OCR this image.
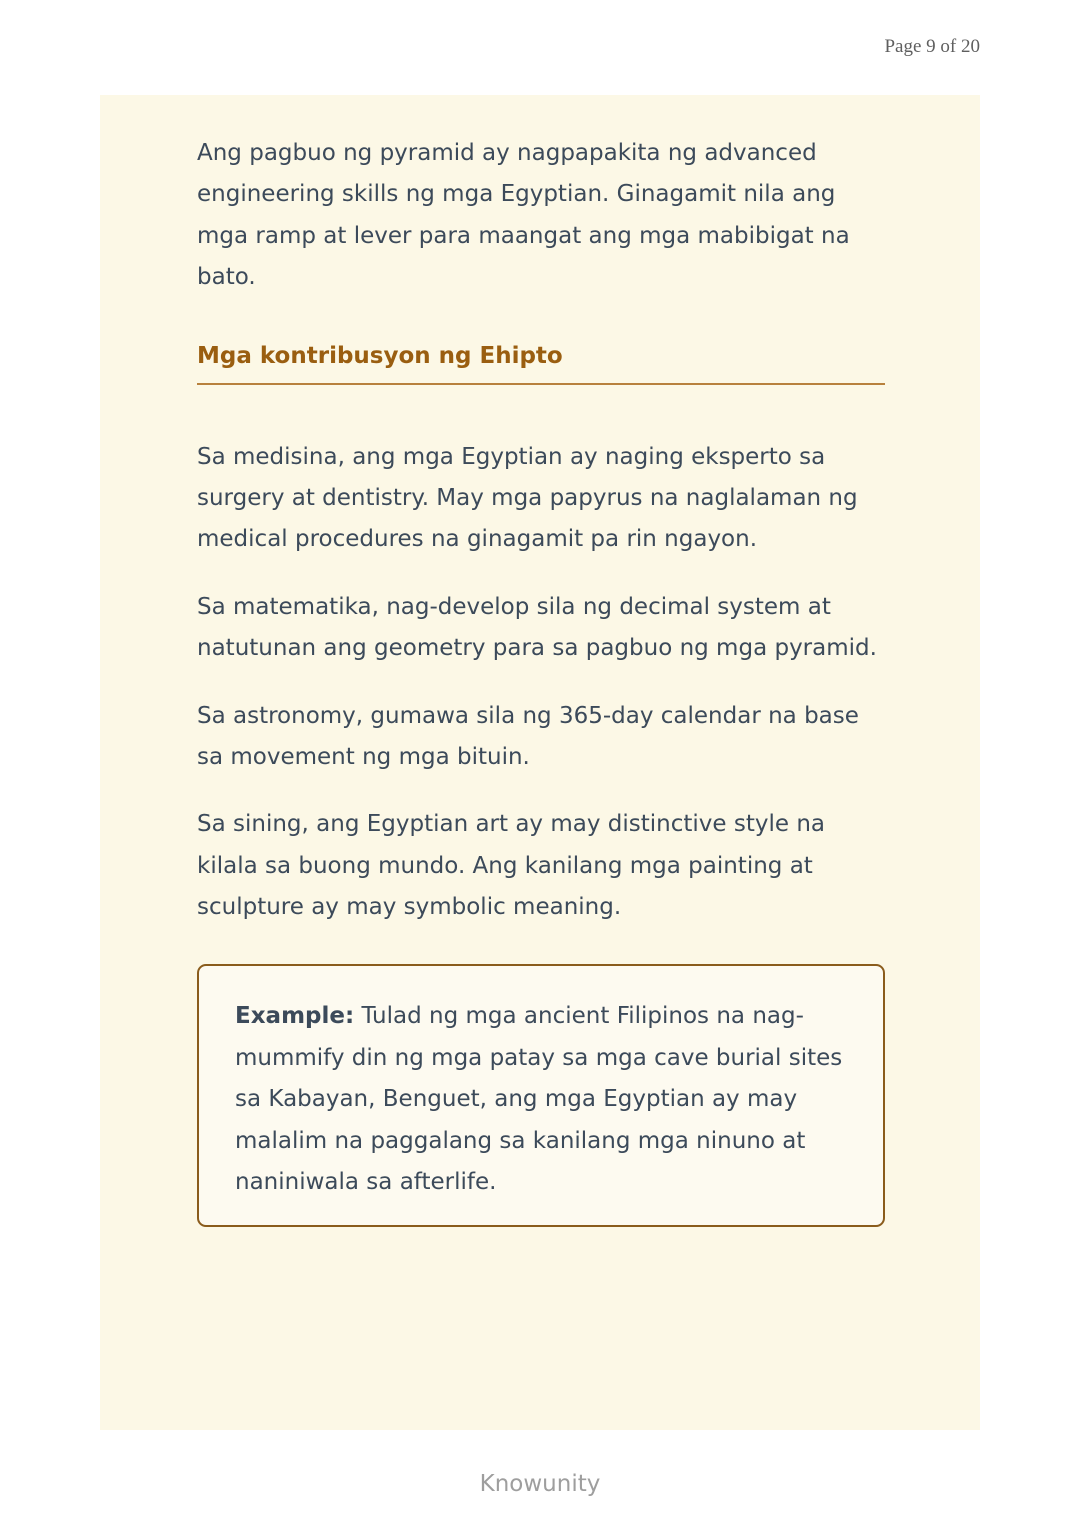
Page 9 of 20

Ang pagbuo ng pyramid ay nagpapakita ng advanced engineering skills ng mga Egyptian. Ginagamit nila ang mga ramp at lever para maangat ang mga mabibigat na bato.

Mga kontribusyon ng Ehipto

Sa medisina, ang mga Egyptian ay naging eksperto sa surgery at dentistry. May mga papyrus na naglalaman ng medical procedures na ginagamit pa rin ngayon.

Sa matematika, nag-develop sila ng decimal system at natutunan ang geometry para sa pagbuo ng mga pyramid.

Sa astronomy, gumawa sila ng 365-day calendar na base sa movement ng mga bituin.

Sa sining, ang Egyptian art ay may distinctive style na kilala sa buong mundo. Ang kanilang mga painting at sculpture ay may symbolic meaning.

Example: Tulad ng mga ancient Filipinos na nag-mummify din ng mga patay sa mga cave burial sites sa Kabayan, Benguet, ang mga Egyptian ay may malalim na paggalang sa kanilang mga ninuno at naniniwala sa afterlife.

Knowunity
